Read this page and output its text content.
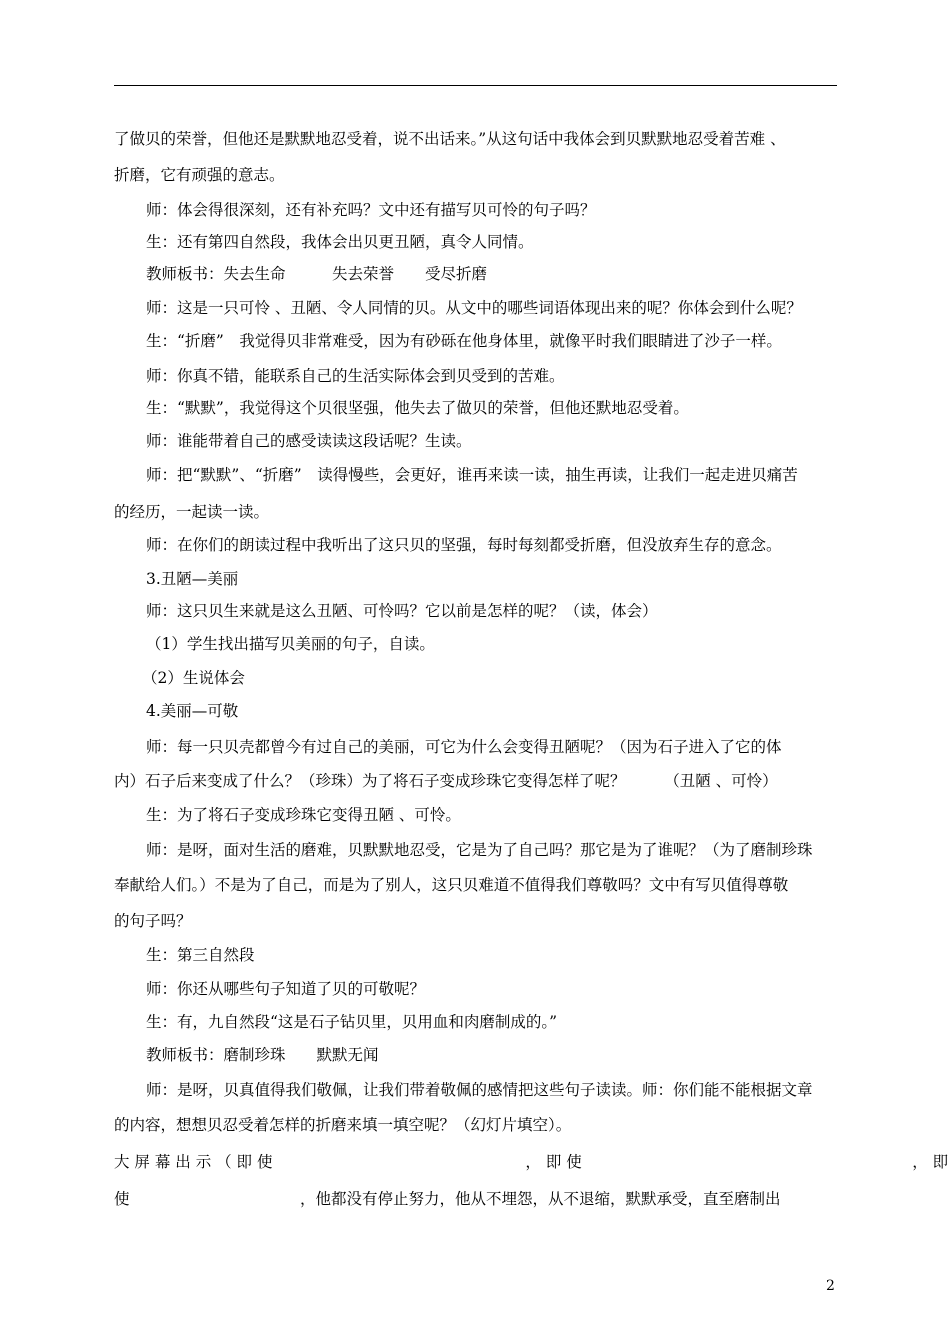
了做贝的荣誉，但他还是默默地忍受着，说不出话来。”从这句话中我体会到贝默默地忍受着苦难 、
折磨，它有顽强的意志。
师：体会得很深刻，还有补充吗？文中还有描写贝可怜的句子吗？
生：还有第四自然段，我体会出贝更丑陋，真令人同情。
教师板书：失去生命　　　失去荣誉　　受尽折磨
师：这是一只可怜 、丑陋、令人同情的贝。从文中的哪些词语体现出来的呢？你体会到什么呢？
生：“折磨”　我觉得贝非常难受，因为有砂砾在他身体里，就像平时我们眼睛进了沙子一样。
师：你真不错，能联系自己的生活实际体会到贝受到的苦难。
生：“默默”，我觉得这个贝很坚强，他失去了做贝的荣誉，但他还默地忍受着。
师：谁能带着自己的感受读读这段话呢？生读。
师：把“默默”、“折磨”　读得慢些，会更好，谁再来读一读，抽生再读，让我们一起走进贝痛苦
的经历，一起读一读。
师：在你们的朗读过程中我听出了这只贝的坚强，每时每刻都受折磨，但没放弃生存的意念。
3.丑陋—美丽
师：这只贝生来就是这么丑陋、可怜吗？它以前是怎样的呢？（读，体会）
（1）学生找出描写贝美丽的句子，自读。
（2）生说体会
4.美丽—可敬
师：每一只贝壳都曾今有过自己的美丽，可它为什么会变得丑陋呢？（因为石子进入了它的体
内）石子后来变成了什么？（珍珠）为了将石子变成珍珠它变得怎样了呢？　　　（丑陋 、可怜）
生：为了将石子变成珍珠它变得丑陋 、可怜。
师：是呀，面对生活的磨难，贝默默地忍受，它是为了自己吗？那它是为了谁呢？（为了磨制珍珠
奉献给人们。）不是为了自己，而是为了别人，这只贝难道不值得我们尊敬吗？文中有写贝值得尊敬
的句子吗？
生：第三自然段
师：你还从哪些句子知道了贝的可敬呢？
生：有，九自然段“这是石子钻贝里，贝用血和肉磨制成的。”
教师板书：磨制珍珠　　默默无闻
师：是呀，贝真值得我们敬佩，让我们带着敬佩的感情把这些句子读读。师：你们能不能根据文章
的内容，想想贝忍受着怎样的折磨来填一填空呢？（幻灯片填空）。
大 屏 幕 出 示 （ 即 使　　　　　　　　　　　　　　　　 ， 即 使　　　　　　　　　　　　　　　　　　　　　 ， 即
使　　　　　　　　　　　，他都没有停止努力，他从不埋怨，从不退缩，默默承受，直至磨制出
2
